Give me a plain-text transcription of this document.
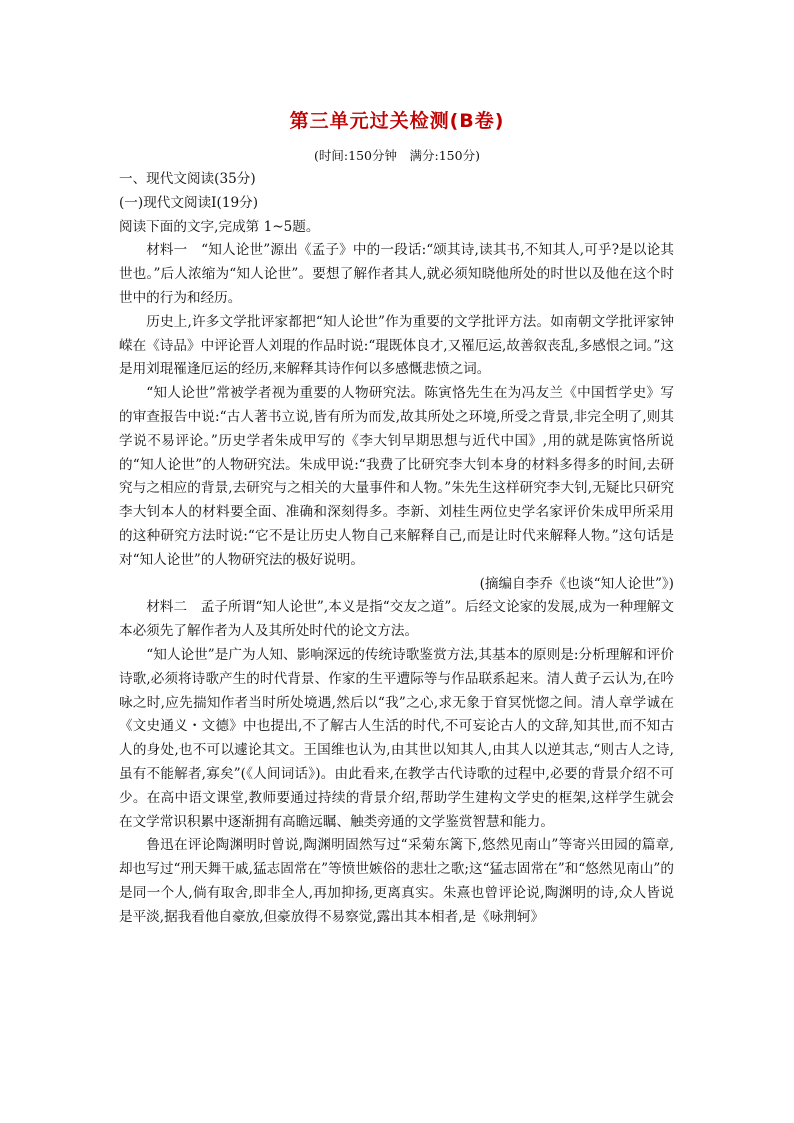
第三单元过关检测(B卷)
(时间:150分钟　满分:150分)

一、现代文阅读(35分)

(一)现代文阅读Ⅰ(19分)

阅读下面的文字,完成第 1~5题。

材料一　“知人论世”源出《孟子》中的一段话:“颂其诗,读其书,不知其人,可乎?是以论其世也。”后人浓缩为“知人论世”。要想了解作者其人,就必须知晓他所处的时世以及他在这个时世中的行为和经历。

历史上,许多文学批评家都把“知人论世”作为重要的文学批评方法。如南朝文学批评家钟嵘在《诗品》中评论晋人刘琨的作品时说:“琨既体良才,又罹厄运,故善叙丧乱,多感恨之词。”这是用刘琨罹逢厄运的经历,来解释其诗作何以多感慨悲愤之词。

“知人论世”常被学者视为重要的人物研究法。陈寅恪先生在为冯友兰《中国哲学史》写的审查报告中说:“古人著书立说,皆有所为而发,故其所处之环境,所受之背景,非完全明了,则其学说不易评论。”历史学者朱成甲写的《李大钊早期思想与近代中国》,用的就是陈寅恪所说的“知人论世”的人物研究法。朱成甲说:“我费了比研究李大钊本身的材料多得多的时间,去研究与之相应的背景,去研究与之相关的大量事件和人物。”朱先生这样研究李大钊,无疑比只研究李大钊本人的材料要全面、准确和深刻得多。李新、刘桂生两位史学名家评价朱成甲所采用的这种研究方法时说:“它不是让历史人物自己来解释自己,而是让时代来解释人物。”这句话是对“知人论世”的人物研究法的极好说明。

(摘编自李乔《也谈“知人论世”》)

材料二　孟子所谓“知人论世”,本义是指“交友之道”。后经文论家的发展,成为一种理解文本必须先了解作者为人及其所处时代的论文方法。

“知人论世”是广为人知、影响深远的传统诗歌鉴赏方法,其基本的原则是:分析理解和评价诗歌,必须将诗歌产生的时代背景、作家的生平遭际等与作品联系起来。清人黄子云认为,在吟咏之时,应先揣知作者当时所处境遇,然后以“我”之心,求无象于窅冥恍惚之间。清人章学诚在《文史通义・文德》中也提出,不了解古人生活的时代,不可妄论古人的文辞,知其世,而不知古人的身处,也不可以遽论其文。王国维也认为,由其世以知其人,由其人以逆其志,“则古人之诗,虽有不能解者,寡矣”(《人间词话》)。由此看来,在教学古代诗歌的过程中,必要的背景介绍不可少。在高中语文课堂,教师要通过持续的背景介绍,帮助学生建构文学史的框架,这样学生就会在文学常识积累中逐渐拥有高瞻远瞩、触类旁通的文学鉴赏智慧和能力。

鲁迅在评论陶渊明时曾说,陶渊明固然写过“采菊东篱下,悠然见南山”等寄兴田园的篇章,却也写过“刑天舞干戚,猛志固常在”等愤世嫉俗的悲壮之歌;这“猛志固常在”和“悠然见南山”的是同一个人,倘有取舍,即非全人,再加抑扬,更离真实。朱熹也曾评论说,陶渊明的诗,众人皆说是平淡,据我看他自豪放,但豪放得不易察觉,露出其本相者,是《咏荆轲》
